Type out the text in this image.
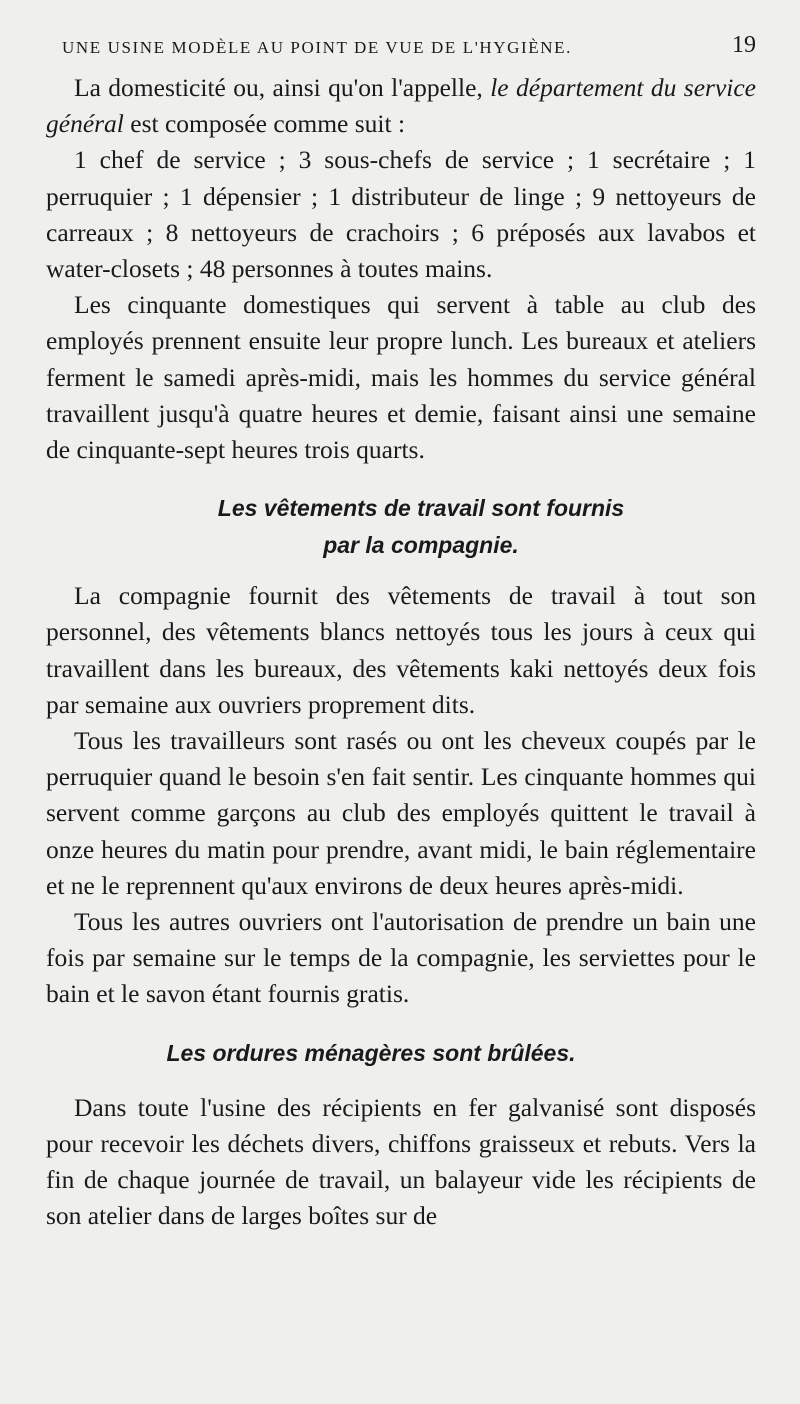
UNE USINE MODÈLE AU POINT DE VUE DE L'HYGIÈNE.	19

La domesticité ou, ainsi qu'on l'appelle, le département du service général est composée comme suit :

1 chef de service ; 3 sous-chefs de service ; 1 secrétaire ; 1 perruquier ; 1 dépensier ; 1 distributeur de linge ; 9 nettoyeurs de carreaux ; 8 nettoyeurs de crachoirs ; 6 préposés aux lavabos et water-closets ; 48 personnes à toutes mains.

Les cinquante domestiques qui servent à table au club des employés prennent ensuite leur propre lunch. Les bureaux et ateliers ferment le samedi après-midi, mais les hommes du service général travaillent jusqu'à quatre heures et demie, faisant ainsi une semaine de cinquante-sept heures trois quarts.

Les vêtements de travail sont fournis
par la compagnie.

La compagnie fournit des vêtements de travail à tout son personnel, des vêtements blancs nettoyés tous les jours à ceux qui travaillent dans les bureaux, des vêtements kaki nettoyés deux fois par semaine aux ouvriers proprement dits.

Tous les travailleurs sont rasés ou ont les cheveux coupés par le perruquier quand le besoin s'en fait sentir. Les cinquante hommes qui servent comme garçons au club des employés quittent le travail à onze heures du matin pour prendre, avant midi, le bain réglementaire et ne le reprennent qu'aux environs de deux heures après-midi.

Tous les autres ouvriers ont l'autorisation de prendre un bain une fois par semaine sur le temps de la compagnie, les serviettes pour le bain et le savon étant fournis gratis.

Les ordures ménagères sont brûlées.

Dans toute l'usine des récipients en fer galvanisé sont disposés pour recevoir les déchets divers, chiffons graisseux et rebuts. Vers la fin de chaque journée de travail, un balayeur vide les récipients de son atelier dans de larges boîtes sur de
